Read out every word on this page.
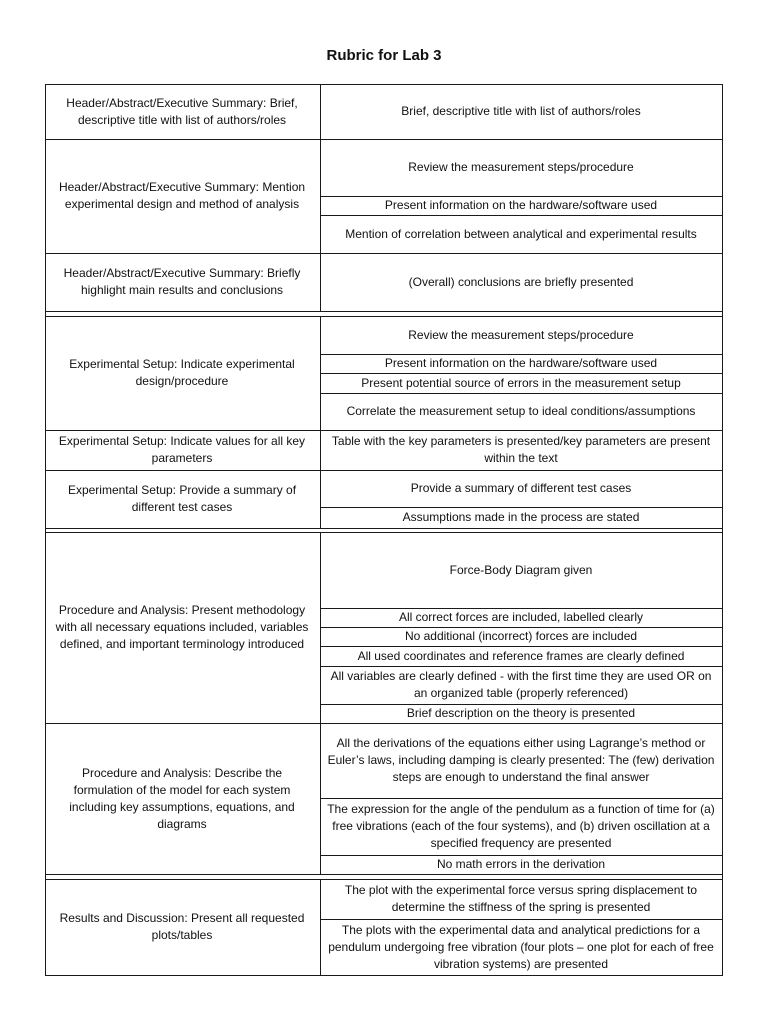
Rubric for Lab 3
Header/Abstract/Executive Summary: Brief, descriptive title with list of authors/roles
Brief, descriptive title with list of authors/roles
Header/Abstract/Executive Summary: Mention experimental design and method of analysis
Review the measurement steps/procedure
Present information on the hardware/software used
Mention of correlation between analytical and experimental results
Header/Abstract/Executive Summary: Briefly highlight main results and conclusions
(Overall) conclusions are briefly presented
Experimental Setup: Indicate experimental design/procedure
Review the measurement steps/procedure
Present information on the hardware/software used
Present potential source of errors in the measurement setup
Correlate the measurement setup to ideal conditions/assumptions
Experimental Setup: Indicate values for all key parameters
Table with the key parameters is presented/key parameters are present within the text
Experimental Setup: Provide a summary of different test cases
Provide a summary of different test cases
Assumptions made in the process are stated
Procedure and Analysis: Present methodology with all necessary equations included, variables defined, and important terminology introduced
Force-Body Diagram given
All correct forces are included, labelled clearly
No additional (incorrect) forces are included
All used coordinates and reference frames are clearly defined
All variables are clearly defined - with the first time they are used OR on an organized table (properly referenced)
Brief description on the theory is presented
Procedure and Analysis: Describe the formulation of the model for each system including key assumptions, equations, and diagrams
All the derivations of the equations either using Lagrange’s method or Euler’s laws, including damping is clearly presented: The (few) derivation steps are enough to understand the final answer
The expression for the angle of the pendulum as a function of time for (a) free vibrations (each of the four systems), and (b) driven oscillation at a specified frequency are presented
No math errors in the derivation
Results and Discussion: Present all requested plots/tables
The plot with the experimental force versus spring displacement to determine the stiffness of the spring is presented
The plots with the experimental data and analytical predictions for a pendulum undergoing free vibration (four plots – one plot for each of free vibration systems) are presented
